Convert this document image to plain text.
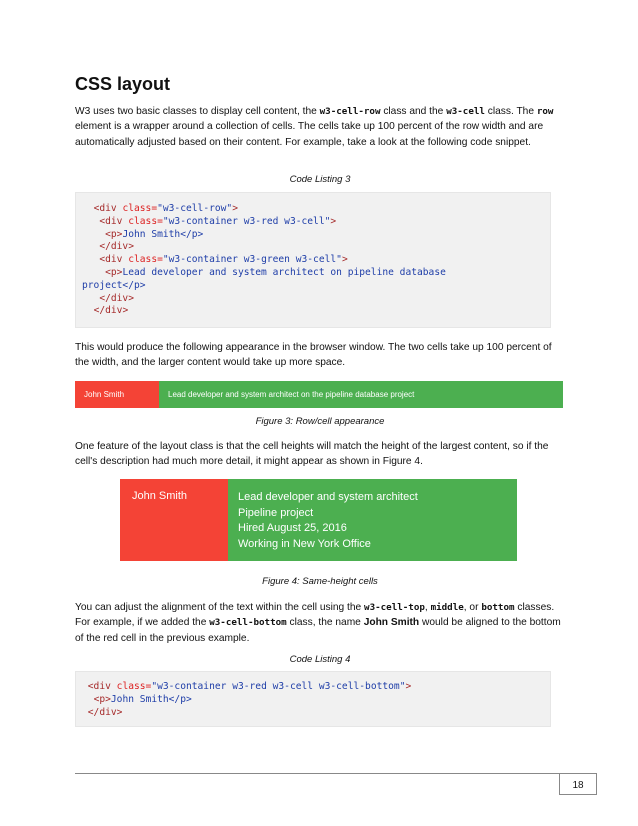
CSS layout

W3 uses two basic classes to display cell content, the w3-cell-row class and the w3-cell class. The row element is a wrapper around a collection of cells. The cells take up 100 percent of the row width and are automatically adjusted based on their content. For example, take a look at the following code snippet.

Code Listing 3

<div class="w3-cell-row">
<div class="w3-container w3-red w3-cell">
<p>John Smith</p>
</div>
<div class="w3-container w3-green w3-cell">
<p>Lead developer and system architect on pipeline database
project</p>
</div>
</div>

This would produce the following appearance in the browser window. The two cells take up 100 percent of the width, and the larger content would take up more space.

John Smith	Lead developer and system architect on the pipeline database project

Figure 3: Row/cell appearance

One feature of the layout class is that the cell heights will match the height of the largest content, so if the cell's description had much more detail, it might appear as shown in Figure 4.

John Smith	Lead developer and system architect
Pipeline project
Hired August 25, 2016
Working in New York Office

Figure 4: Same-height cells

You can adjust the alignment of the text within the cell using the w3-cell-top, middle, or bottom classes. For example, if we added the w3-cell-bottom class, the name John Smith would be aligned to the bottom of the red cell in the previous example.

Code Listing 4

<div class="w3-container w3-red w3-cell w3-cell-bottom">
<p>John Smith</p>
</div>
18
